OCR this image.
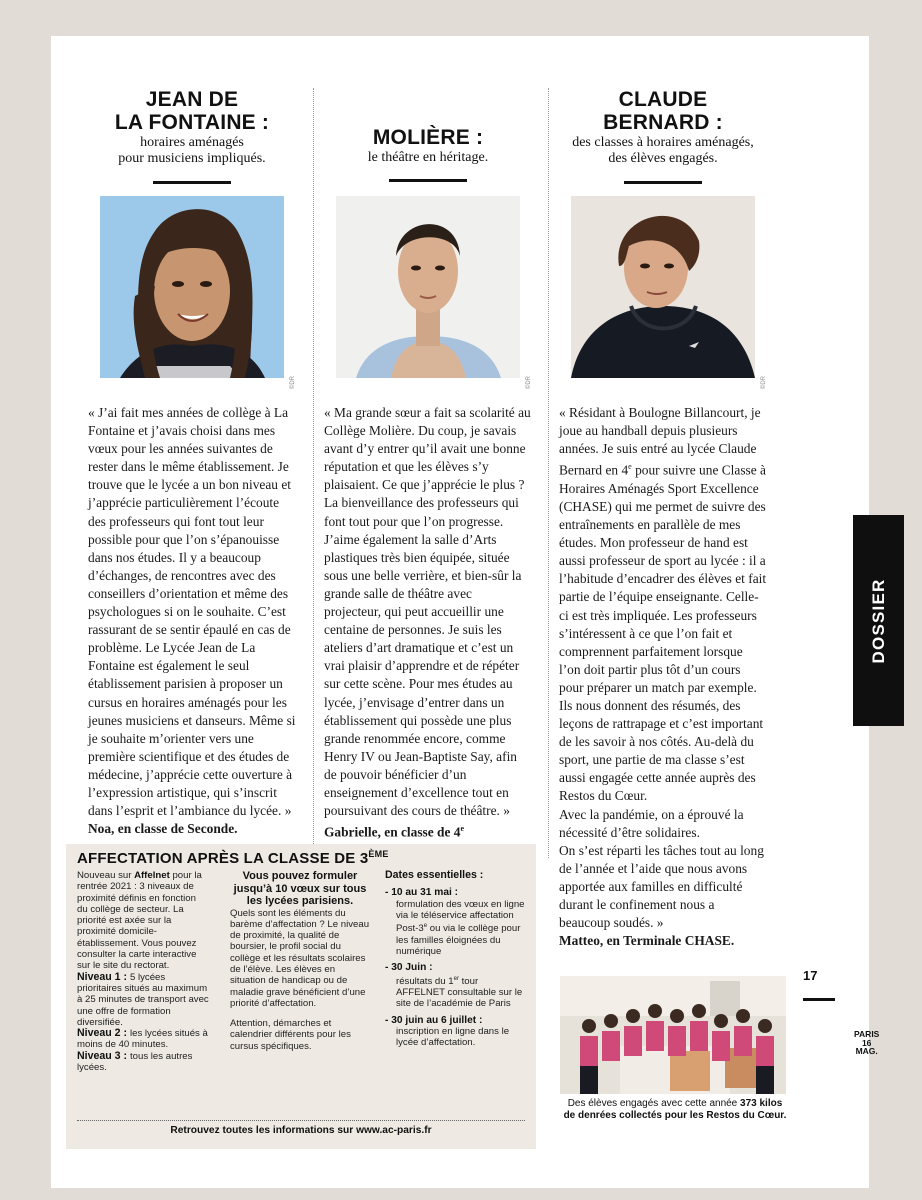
JEAN DE
LA FONTAINE :
horaires aménagés
pour musiciens impliqués.
©DR
« J’ai fait mes années de collège à La Fontaine et j’avais choisi dans mes vœux pour les années suivantes de rester dans le même établissement. Je trouve que le lycée a un bon niveau et j’apprécie particulièrement l’écoute des professeurs qui font tout leur possible pour que l’on s’épanouisse dans nos études. Il y a beaucoup d’échanges, de rencontres avec des conseillers d’orientation et même des psychologues si on le souhaite. C’est rassurant de se sentir épaulé en cas de problème. Le Lycée Jean de La Fontaine est également le seul établissement parisien à proposer un cursus en horaires aménagés pour les jeunes musiciens et danseurs. Même si je souhaite m’orienter vers une première scientifique et des études de médecine, j’apprécie cette ouverture à l’expression artistique, qui s’inscrit dans l’esprit et l’ambiance du lycée. »
Noa, en classe de Seconde.
MOLIÈRE :
le théâtre en héritage.
©DR
« Ma grande sœur a fait sa scolarité au Collège Molière. Du coup, je savais avant d’y entrer qu’il avait une bonne réputation et que les élèves s’y plaisaient. Ce que j’apprécie le plus ? La bienveillance des professeurs qui font tout pour que l’on progresse. J’aime également la salle d’Arts plastiques très bien équipée, située sous une belle verrière, et bien-sûr la grande salle de théâtre avec projecteur, qui peut accueillir une centaine de personnes. Je suis les ateliers d’art dramatique et c’est un vrai plaisir d’apprendre et de répéter sur cette scène. Pour mes études au lycée, j’envisage d’entrer dans un établissement qui possède une plus grande renommée encore, comme Henry IV ou Jean-Baptiste Say, afin de pouvoir bénéficier d’un enseignement d’excellence tout en poursuivant des cours de théâtre. »
Gabrielle, en classe de 4e
CLAUDE
BERNARD :
des classes à horaires aménagés,
des élèves engagés.
©DR
« Résidant à Boulogne Billancourt, je joue au handball depuis plusieurs années. Je suis entré au lycée Claude Bernard en 4e pour suivre une Classe à Horaires Aménagés Sport Excellence (CHASE) qui me permet de suivre des entraînements en parallèle de mes études. Mon professeur de hand est aussi professeur de sport au lycée : il a l’habitude d’encadrer des élèves et fait partie de l’équipe enseignante. Celle-ci est très impliquée. Les professeurs s’intéressent à ce que l’on fait et comprennent parfaitement lorsque l’on doit partir plus tôt d’un cours pour préparer un match par exemple. Ils nous donnent des résumés, des leçons de rattrapage et c’est important de les savoir à nos côtés. Au-delà du sport, une partie de ma classe s’est aussi engagée cette année auprès des Restos du Cœur.
Avec la pandémie, on a éprouvé la nécessité d’être solidaires.
On s’est réparti les tâches tout au long de l’année et l’aide que nous avons apportée aux familles en difficulté durant le confinement nous a beaucoup soudés. »
Matteo, en Terminale CHASE.
AFFECTATION APRÈS LA CLASSE DE 3ÈME
Nouveau sur Affelnet pour la rentrée 2021 : 3 niveaux de proximité définis en fonction du collège de secteur. La priorité est axée sur la proximité domicile-établissement. Vous pouvez consulter la carte interactive sur le site du rectorat.
Niveau 1 : 5 lycées prioritaires situés au maximum à 25 minutes de transport avec une offre de formation diversifiée.
Niveau 2 : les lycées situés à moins de 40 minutes.
Niveau 3 : tous les autres lycées.
Vous pouvez formuler jusqu’à 10 vœux sur tous les lycées parisiens.
Quels sont les éléments du barème d’affectation ? Le niveau de proximité, la qualité de boursier, le profil social du collège et les résultats scolaires de l’élève. Les élèves en situation de handicap ou de maladie grave bénéficient d’une priorité d’affectation.
Attention, démarches et calendrier différents pour les cursus spécifiques.
Dates essentielles :
- 10 au 31 mai :
formulation des vœux en ligne via le téléservice affectation Post-3e ou via le collège pour les familles éloignées du numérique
- 30 Juin :
résultats du 1er tour AFFELNET consultable sur le site de l’académie de Paris
- 30 juin au 6 juillet :
inscription en ligne dans le lycée d’affectation.
Retrouvez toutes les informations sur www.ac-paris.fr
Des élèves engagés avec cette année 373 kilos
de denrées collectés pour les Restos du Cœur.
17
PARIS
16
MAG.
DOSSIER
